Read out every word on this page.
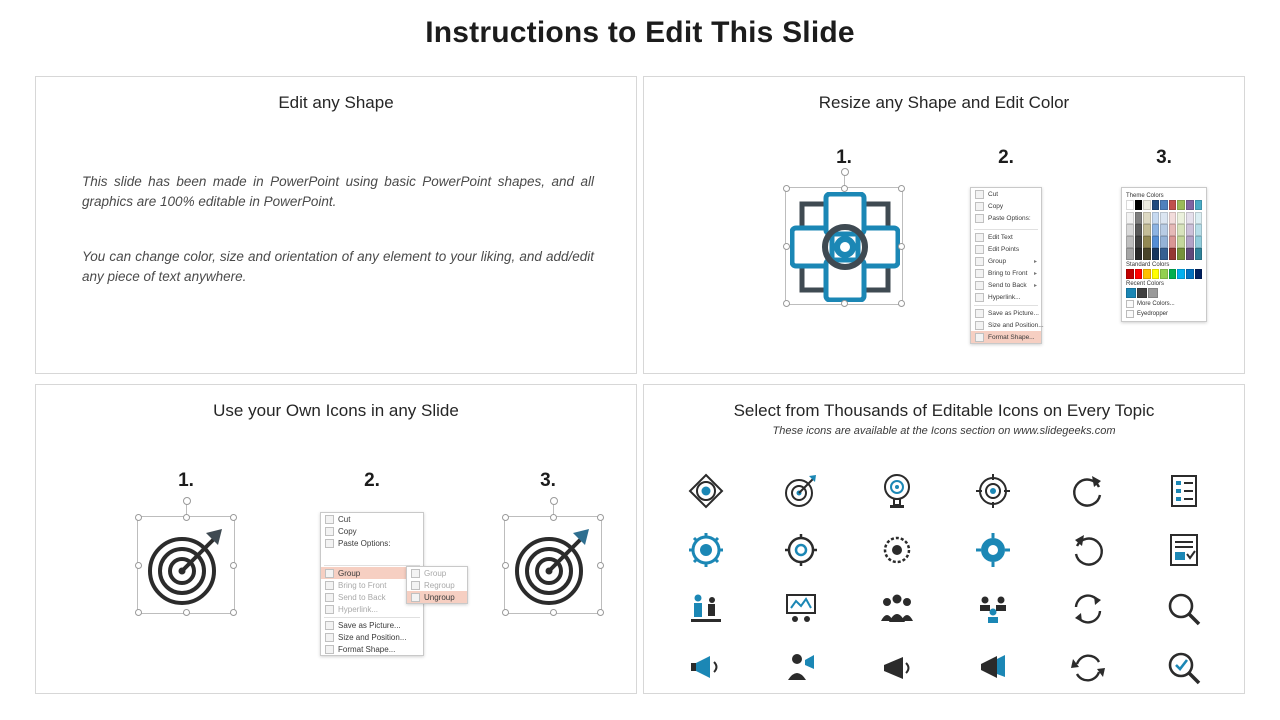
Instructions to Edit This Slide
Edit any Shape
This slide has been made in PowerPoint using basic PowerPoint shapes, and all graphics are 100% editable in PowerPoint.
You can change color, size and orientation of any element to your liking, and add/edit any piece of text anywhere.
Resize any Shape and Edit Color
1.	2.
Cut
Copy
Paste Options:
Edit Text
Edit Points
Group	▸
Bring to Front ▸
Send to Back ▸
Hyperlink...
Save as Picture...
Size and Position...
Format Shape...
3.
Theme Colors
Standard Colors
Recent Colors
More Colors...
Eyedropper
Use your Own Icons in any Slide
1.	2.
Cut
Copy
Paste Options:
Group
Bring to Front
Send to Back
Hyperlink...
Save as Picture...
Size and Position...
Format Shape...
Group
Regroup
Ungroup
3.
Select from Thousands of Editable Icons on Every Topic
These icons are available at the Icons section on www.slidegeeks.com
